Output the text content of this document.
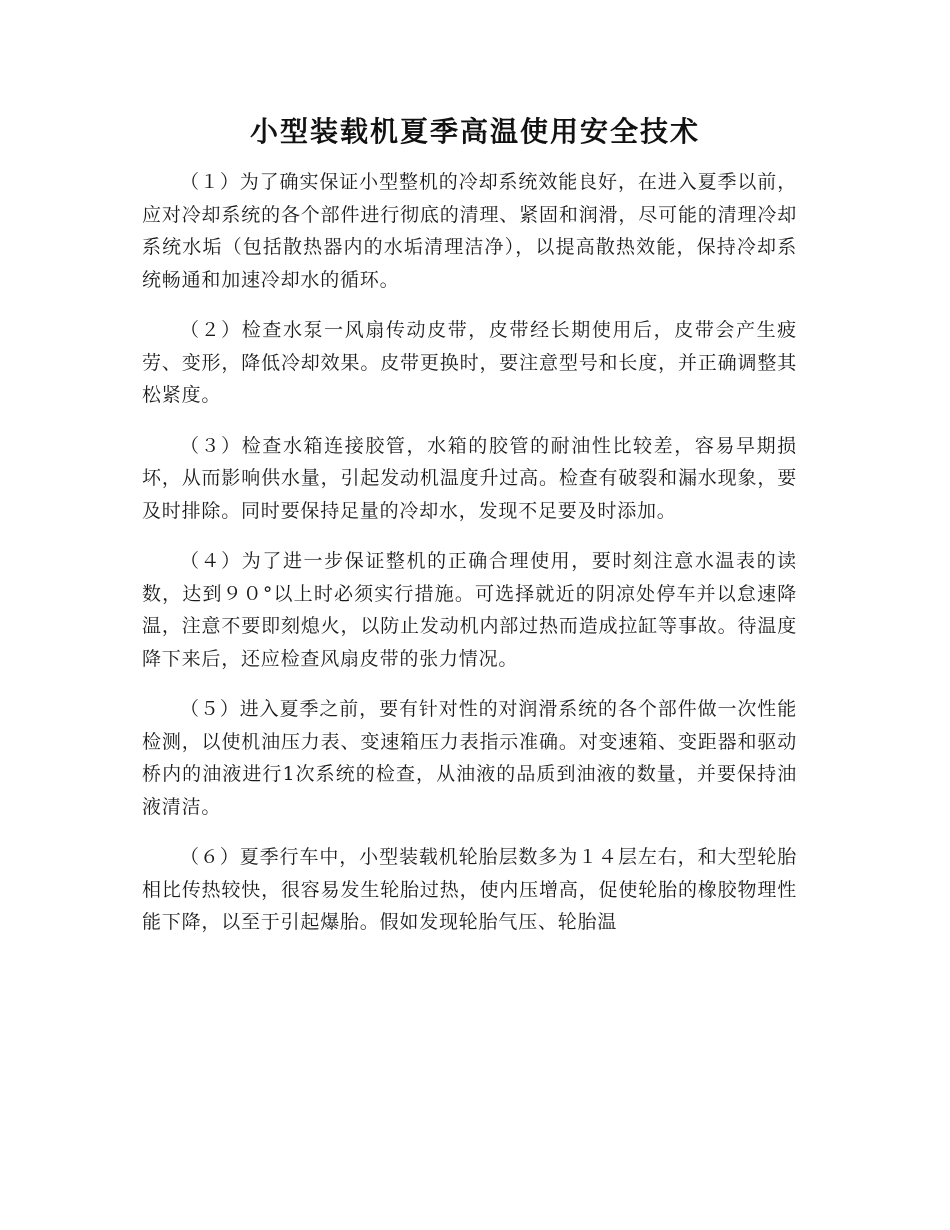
小型装载机夏季高温使用安全技术

（１）为了确实保证小型整机的冷却系统效能良好，在进入夏季以前，应对冷却系统的各个部件进行彻底的清理、紧固和润滑，尽可能的清理冷却系统水垢（包括散热器内的水垢清理洁净），以提高散热效能，保持冷却系统畅通和加速冷却水的循环。

（２）检查水泵一风扇传动皮带，皮带经长期使用后，皮带会产生疲劳、变形，降低冷却效果。皮带更换时，要注意型号和长度，并正确调整其松紧度。

（３）检查水箱连接胶管，水箱的胶管的耐油性比较差，容易早期损坏，从而影响供水量，引起发动机温度升过高。检查有破裂和漏水现象，要及时排除。同时要保持足量的冷却水，发现不足要及时添加。

（４）为了进一步保证整机的正确合理使用，要时刻注意水温表的读数，达到９０°以上时必须实行措施。可选择就近的阴凉处停车并以怠速降温，注意不要即刻熄火，以防止发动机内部过热而造成拉缸等事故。待温度降下来后，还应检查风扇皮带的张力情况。

（５）进入夏季之前，要有针对性的对润滑系统的各个部件做一次性能检测，以使机油压力表、变速箱压力表指示准确。对变速箱、变距器和驱动桥内的油液进行1次系统的检查，从油液的品质到油液的数量，并要保持油液清洁。

（６）夏季行车中，小型装载机轮胎层数多为１４层左右，和大型轮胎相比传热较快，很容易发生轮胎过热，使内压增高，促使轮胎的橡胶物理性能下降，以至于引起爆胎。假如发现轮胎气压、轮胎温
